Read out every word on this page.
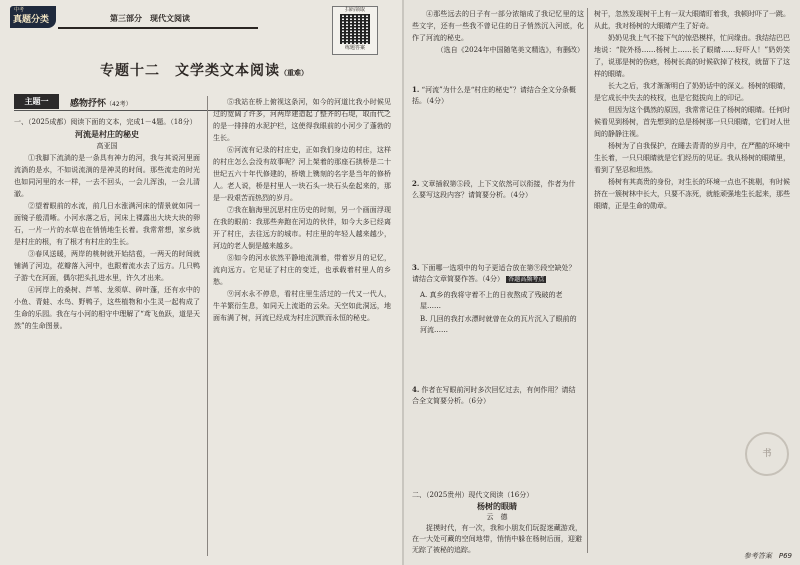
中考
真题分类	第三部分　现代文阅读
扫码领取
练题答案
专题十二　文学类文本阅读（重难）
主题一	感物抒怀（42考）

一、（2025成都）阅读下面的文本，完成1－4题。（18分）

河流是村庄的秘史

高亚国

①我脚下流淌的是一条具有神力的河，我与其说河里面流淌的是水，不如说流淌的是神灵的时间。那些流走的时光也如同河里的水一样，一去不回头，一会儿浑浊，一会儿清澈。

②望着眼前的水流，前几日水涨满河床的情景就如同一面镜子般清晰。小河水落之后，河床上裸露出大块大块的卵石，一片一片的水草也在悄悄地生长着。我常常想，家乡就是村庄的根，有了根才有村庄的生长。

③春风送暖，两岸的桃树就开始结苞，一两天的时间就铺满了河边，花瓣落入河中，也跟着流水去了远方。几只鸭子游弋在河面，偶尔把头扎进水里，许久才出来。

④河岸上的桑树、芦苇、龙须草、碎叶蓬，还有水中的小鱼、青蛙、水鸟、野鸭子，这些植物和小生灵一起构成了生命的乐园。我在与小河的相守中理解了“鸢飞鱼跃，道是天然”的生命图景。

⑤我站在桥上俯视这条河，如今的河道比我小时候见过的宽阔了许多，河两岸建造起了整齐的石堤，取而代之的是一排排的水泥护栏，这使得我眼前的小河少了蓬勃的生长。

⑥河流有记录的村庄史，正如我们身边的村庄，这样的村庄怎么会没有故事呢？河上架着的那座石拱桥是二十世纪五六十年代修建的，桥墩上镌刻的名字是当年的修桥人。老人说，桥是村里人一块石头一块石头垒起来的，那是一段艰苦而热烈的岁月。

⑦我在脑海里沉思村庄历史的时刻，另一个画面浮现在我的眼前：我那些奔跑在河边的伙伴，如今大多已经离开了村庄，去往远方的城市。村庄里的年轻人越来越少，河边的老人倒是越来越多。

⑧如今的河水依然平静地流淌着，带着岁月的记忆，流向远方。它见证了村庄的变迁，也承载着村里人的乡愁。

⑨河水永不停息，看村庄里生活过的一代又一代人，牛羊繁衍生息，如同天上流逝的云朵。天空如此洞远，地面布满了树，河流已经成为村庄沉默而永恒的秘史。

④那些远去的日子有一部分浓缩成了我记忆里的这些文字，还有一些我不曾记住的日子悄然沉入河底，化作了河流的秘史。

（选自《2024年中国随笔美文精选》，有删改）

1. “河流”为什么是“村庄的秘史”？请结合全文分条概括。（4分）
2. 文章插叙第⑤段，上下文依然可以衔接，作者为什么要写这段内容？请简要分析。（4分）
3. 下面哪一选项中的句子更适合放在第⑨段空缺处？请结合文章简要作答。（4分） 答题高频考点
A. 真乡的我将守着不上的日夜熬成了残破的老屋……
B. 几回的我打水漂时就曾在众的瓦片沉入了眼前的河流……
4. 作者在写眼前河时多次回忆过去，有何作用？请结合全文简要分析。（6分）
二、（2025贵州）现代文阅读（16分）
杨树的眼睛
云　德
捉摸时代，有一次，我和小朋友们玩捉迷藏游戏，在一大处可藏的空间地带，悄悄中躲在杨树后面，迎避无踪了被秘的追踪。

树干，忽然发现树干上有一双大眼睛盯着我，我顿时吓了一跳。从此，我对杨树的大眼睛产生了好奇。

奶奶见我上气不接下气的惊恐模样，忙问缘由。我结结巴巴地说：“院外杨……杨树上……长了眼睛……好吓人！”奶奶笑了，说那是树的伤疤，杨树长高的时候砍掉了枝杈，就留下了这样的眼睛。

长大之后，我才渐渐明白了奶奶话中的深义。杨树的眼睛，是它成长中失去的枝杈，也是它挺拔向上的印记。

但因为这个偶然的原因，我常常记住了杨树的眼睛。任何时候看见到杨树，首先想到的总是杨树那一只只眼睛，它们对人世间的静静注视。

杨树为了自我保护，在睡去青青的岁月中，在严酷的环境中生长着，一只只眼睛就是它们经历的见证。我从杨树的眼睛里，看到了坚忍和坦然。

杨树有其高贵的身份，对生长的环境一点也不挑剔，有时候挤在一簇树林中长大，只要不冻死，就能顽强地生长起来，那些眼睛，正是生命的勋章。

参考答案　P69
书
